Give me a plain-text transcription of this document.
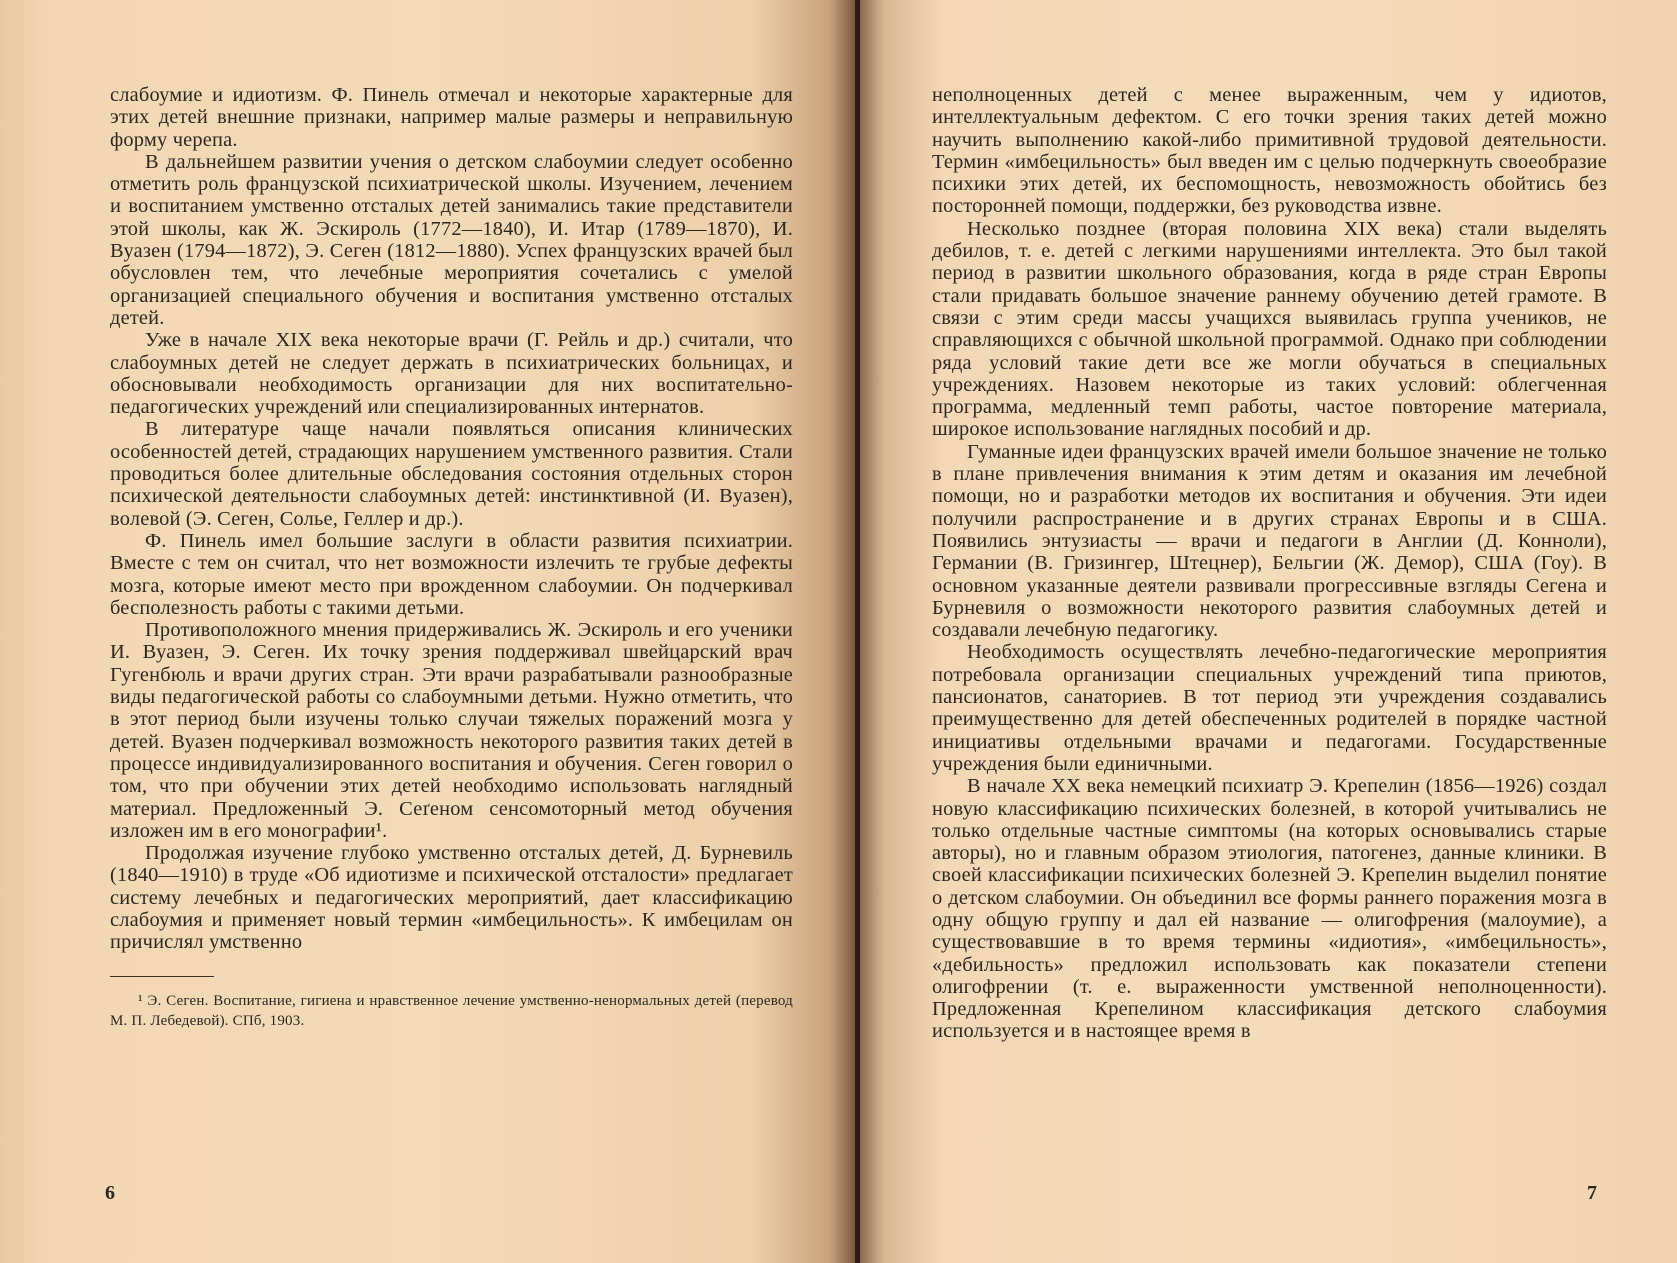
слабоумие и идиотизм. Ф. Пинель отмечал и некоторые характерные для этих детей внешние признаки, например малые размеры и неправильную форму черепа.

В дальнейшем развитии учения о детском слабоумии следует особенно отметить роль французской психиатрической школы. Изучением, лечением и воспитанием умственно отсталых детей занимались такие представители этой школы, как Ж. Эскироль (1772—1840), И. Итар (1789—1870), И. Вуазен (1794—1872), Э. Сеген (1812—1880). Успех французских врачей был обусловлен тем, что лечебные мероприятия сочетались с умелой организацией специального обучения и воспитания умственно отсталых детей.

Уже в начале XIX века некоторые врачи (Г. Рейль и др.) считали, что слабоумных детей не следует держать в психиатрических больницах, и обосновывали необходимость организации для них воспитательно-педагогических учреждений или специализированных интернатов.

В литературе чаще начали появляться описания клинических особенностей детей, страдающих нарушением умственного развития. Стали проводиться более длительные обследования состояния отдельных сторон психической деятельности слабоумных детей: инстинктивной (И. Вуазен), волевой (Э. Сеген, Солье, Геллер и др.).

Ф. Пинель имел большие заслуги в области развития психиатрии. Вместе с тем он считал, что нет возможности излечить те грубые дефекты мозга, которые имеют место при врожденном слабоумии. Он подчеркивал бесполезность работы с такими детьми.

Противоположного мнения придерживались Ж. Эскироль и его ученики И. Вуазен, Э. Сеген. Их точку зрения поддерживал швейцарский врач Гугенбюль и врачи других стран. Эти врачи разрабатывали разнообразные виды педагогической работы со слабоумными детьми. Нужно отметить, что в этот период были изучены только случаи тяжелых поражений мозга у детей. Вуазен подчеркивал возможность некоторого развития таких детей в процессе индивидуализированного воспитания и обучения. Сеген говорил о том, что при обучении этих детей необходимо использовать наглядный материал. Предложенный Э. Сеґеном сенсомоторный метод обучения изложен им в его монографии¹.

Продолжая изучение глубоко умственно отсталых детей, Д. Бурневиль (1840—1910) в труде «Об идиотизме и психической отсталости» предлагает систему лечебных и педагогических мероприятий, дает классификацию слабоумия и применяет новый термин «имбецильность». К имбецилам он причислял умственно

¹ Э. Сеген. Воспитание, гигиена и нравственное лечение умственно-ненормальных детей (перевод М. П. Лебедевой). СПб, 1903.

6

неполноценных детей с менее выраженным, чем у идиотов, интеллектуальным дефектом. С его точки зрения таких детей можно научить выполнению какой-либо примитивной трудовой деятельности. Термин «имбецильность» был введен им с целью подчеркнуть своеобразие психики этих детей, их беспомощность, невозможность обойтись без посторонней помощи, поддержки, без руководства извне.

Несколько позднее (вторая половина XIX века) стали выделять дебилов, т. е. детей с легкими нарушениями интеллекта. Это был такой период в развитии школьного образования, когда в ряде стран Европы стали придавать большое значение раннему обучению детей грамоте. В связи с этим среди массы учащихся выявилась группа учеников, не справляющихся с обычной школьной программой. Однако при соблюдении ряда условий такие дети все же могли обучаться в специальных учреждениях. Назовем некоторые из таких условий: облегченная программа, медленный темп работы, частое повторение материала, широкое использование наглядных пособий и др.

Гуманные идеи французских врачей имели большое значение не только в плане привлечения внимания к этим детям и оказания им лечебной помощи, но и разработки методов их воспитания и обучения. Эти идеи получили распространение и в других странах Европы и в США. Появились энтузиасты — врачи и педагоги в Англии (Д. Конноли), Германии (В. Гризингер, Штецнер), Бельгии (Ж. Демор), США (Гоу). В основном указанные деятели развивали прогрессивные взгляды Сегена и Бурневиля о возможности некоторого развития слабоумных детей и создавали лечебную педагогику.

Необходимость осуществлять лечебно-педагогические мероприятия потребовала организации специальных учреждений типа приютов, пансионатов, санаториев. В тот период эти учреждения создавались преимущественно для детей обеспеченных родителей в порядке частной инициативы отдельными врачами и педагогами. Государственные учреждения были единичными.

В начале XX века немецкий психиатр Э. Крепелин (1856—1926) создал новую классификацию психических болезней, в которой учитывались не только отдельные частные симптомы (на которых основывались старые авторы), но и главным образом этиология, патогенез, данные клиники. В своей классификации психических болезней Э. Крепелин выделил понятие о детском слабоумии. Он объединил все формы раннего поражения мозга в одну общую группу и дал ей название — олигофрения (малоумие), а существовавшие в то время термины «идиотия», «имбецильность», «дебильность» предложил использовать как показатели степени олигофрении (т. е. выраженности умственной неполноценности). Предложенная Крепелином классификация детского слабоумия используется и в настоящее время в

7
